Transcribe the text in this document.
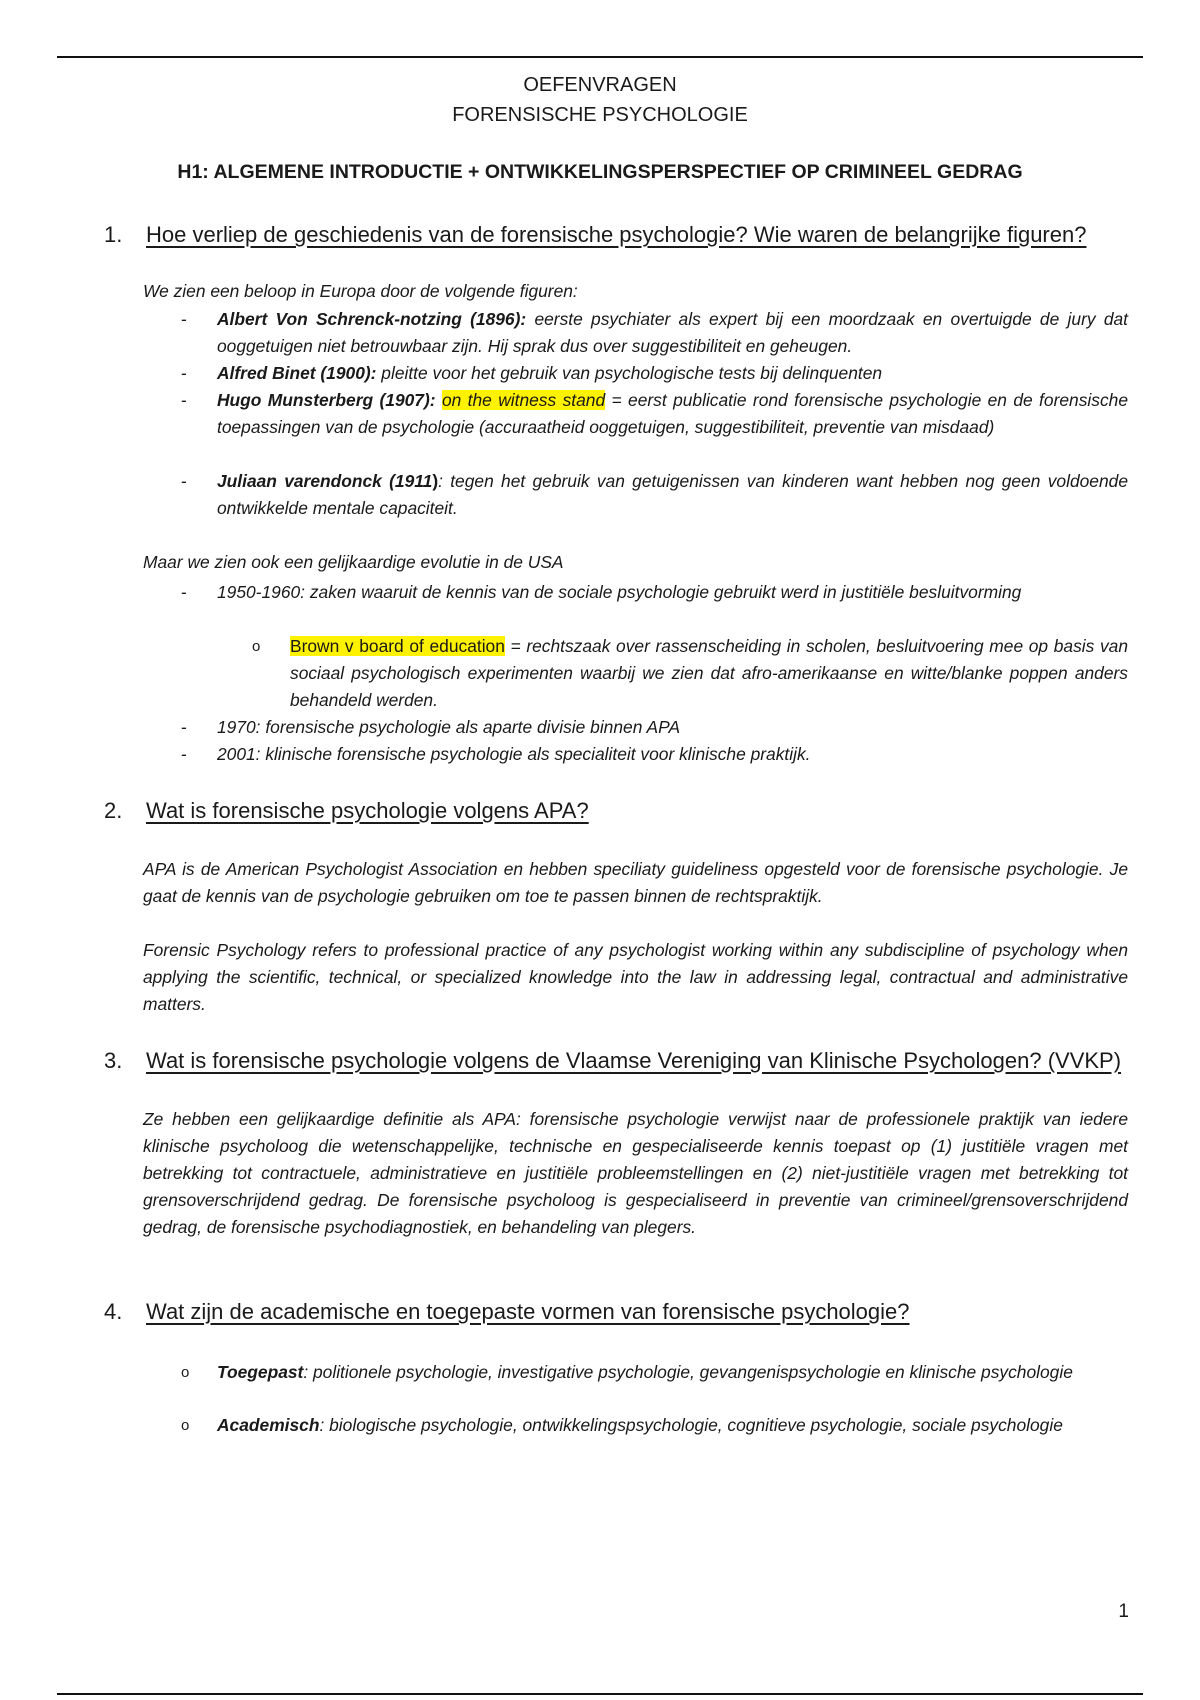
OEFENVRAGEN
FORENSISCHE PSYCHOLOGIE
H1: ALGEMENE INTRODUCTIE + ONTWIKKELINGSPERSPECTIEF OP CRIMINEEL GEDRAG
1. Hoe verliep de geschiedenis van de forensische psychologie? Wie waren de belangrijke figuren?
We zien een beloop in Europa door de volgende figuren:
- Albert Von Schrenck-notzing (1896): eerste psychiater als expert bij een moordzaak en overtuigde de jury dat ooggetuigen niet betrouwbaar zijn. Hij sprak dus over suggestibiliteit en geheugen.
- Alfred Binet (1900): pleitte voor het gebruik van psychologische tests bij delinquenten
- Hugo Munsterberg (1907): on the witness stand = eerst publicatie rond forensische psychologie en de forensische toepassingen van de psychologie (accuraatheid ooggetuigen, suggestibiliteit, preventie van misdaad)
- Juliaan varendonck (1911): tegen het gebruik van getuigenissen van kinderen want hebben nog geen voldoende ontwikkelde mentale capaciteit.
Maar we zien ook een gelijkaardige evolutie in de USA
- 1950-1960: zaken waaruit de kennis van de sociale psychologie gebruikt werd in justitiële besluitvorming
o Brown v board of education = rechtszaak over rassenscheiding in scholen, besluitvoering mee op basis van sociaal psychologisch experimenten waarbij we zien dat afro-amerikaanse en witte/blanke poppen anders behandeld werden.
- 1970: forensische psychologie als aparte divisie binnen APA
- 2001: klinische forensische psychologie als specialiteit voor klinische praktijk.
2. Wat is forensische psychologie volgens APA?
APA is de American Psychologist Association en hebben speciliaty guideliness opgesteld voor de forensische psychologie. Je gaat de kennis van de psychologie gebruiken om toe te passen binnen de rechtspraktijk.
Forensic Psychology refers to professional practice of any psychologist working within any subdiscipline of psychology when applying the scientific, technical, or specialized knowledge into the law in addressing legal, contractual and administrative matters.
3. Wat is forensische psychologie volgens de Vlaamse Vereniging van Klinische Psychologen? (VVKP)
Ze hebben een gelijkaardige definitie als APA: forensische psychologie verwijst naar de professionele praktijk van iedere klinische psycholoog die wetenschappelijke, technische en gespecialiseerde kennis toepast op (1) justitiële vragen met betrekking tot contractuele, administratieve en justitiële probleemstellingen en (2) niet-justitiële vragen met betrekking tot grensoverschrijdend gedrag. De forensische psycholoog is gespecialiseerd in preventie van crimineel/grensoverschrijdend gedrag, de forensische psychodiagnostiek, en behandeling van plegers.
4. Wat zijn de academische en toegepaste vormen van forensische psychologie?
o Toegepast: politionele psychologie, investigative psychologie, gevangenispsychologie en klinische psychologie
o Academisch: biologische psychologie, ontwikkelingspsychologie, cognitieve psychologie, sociale psychologie
1
